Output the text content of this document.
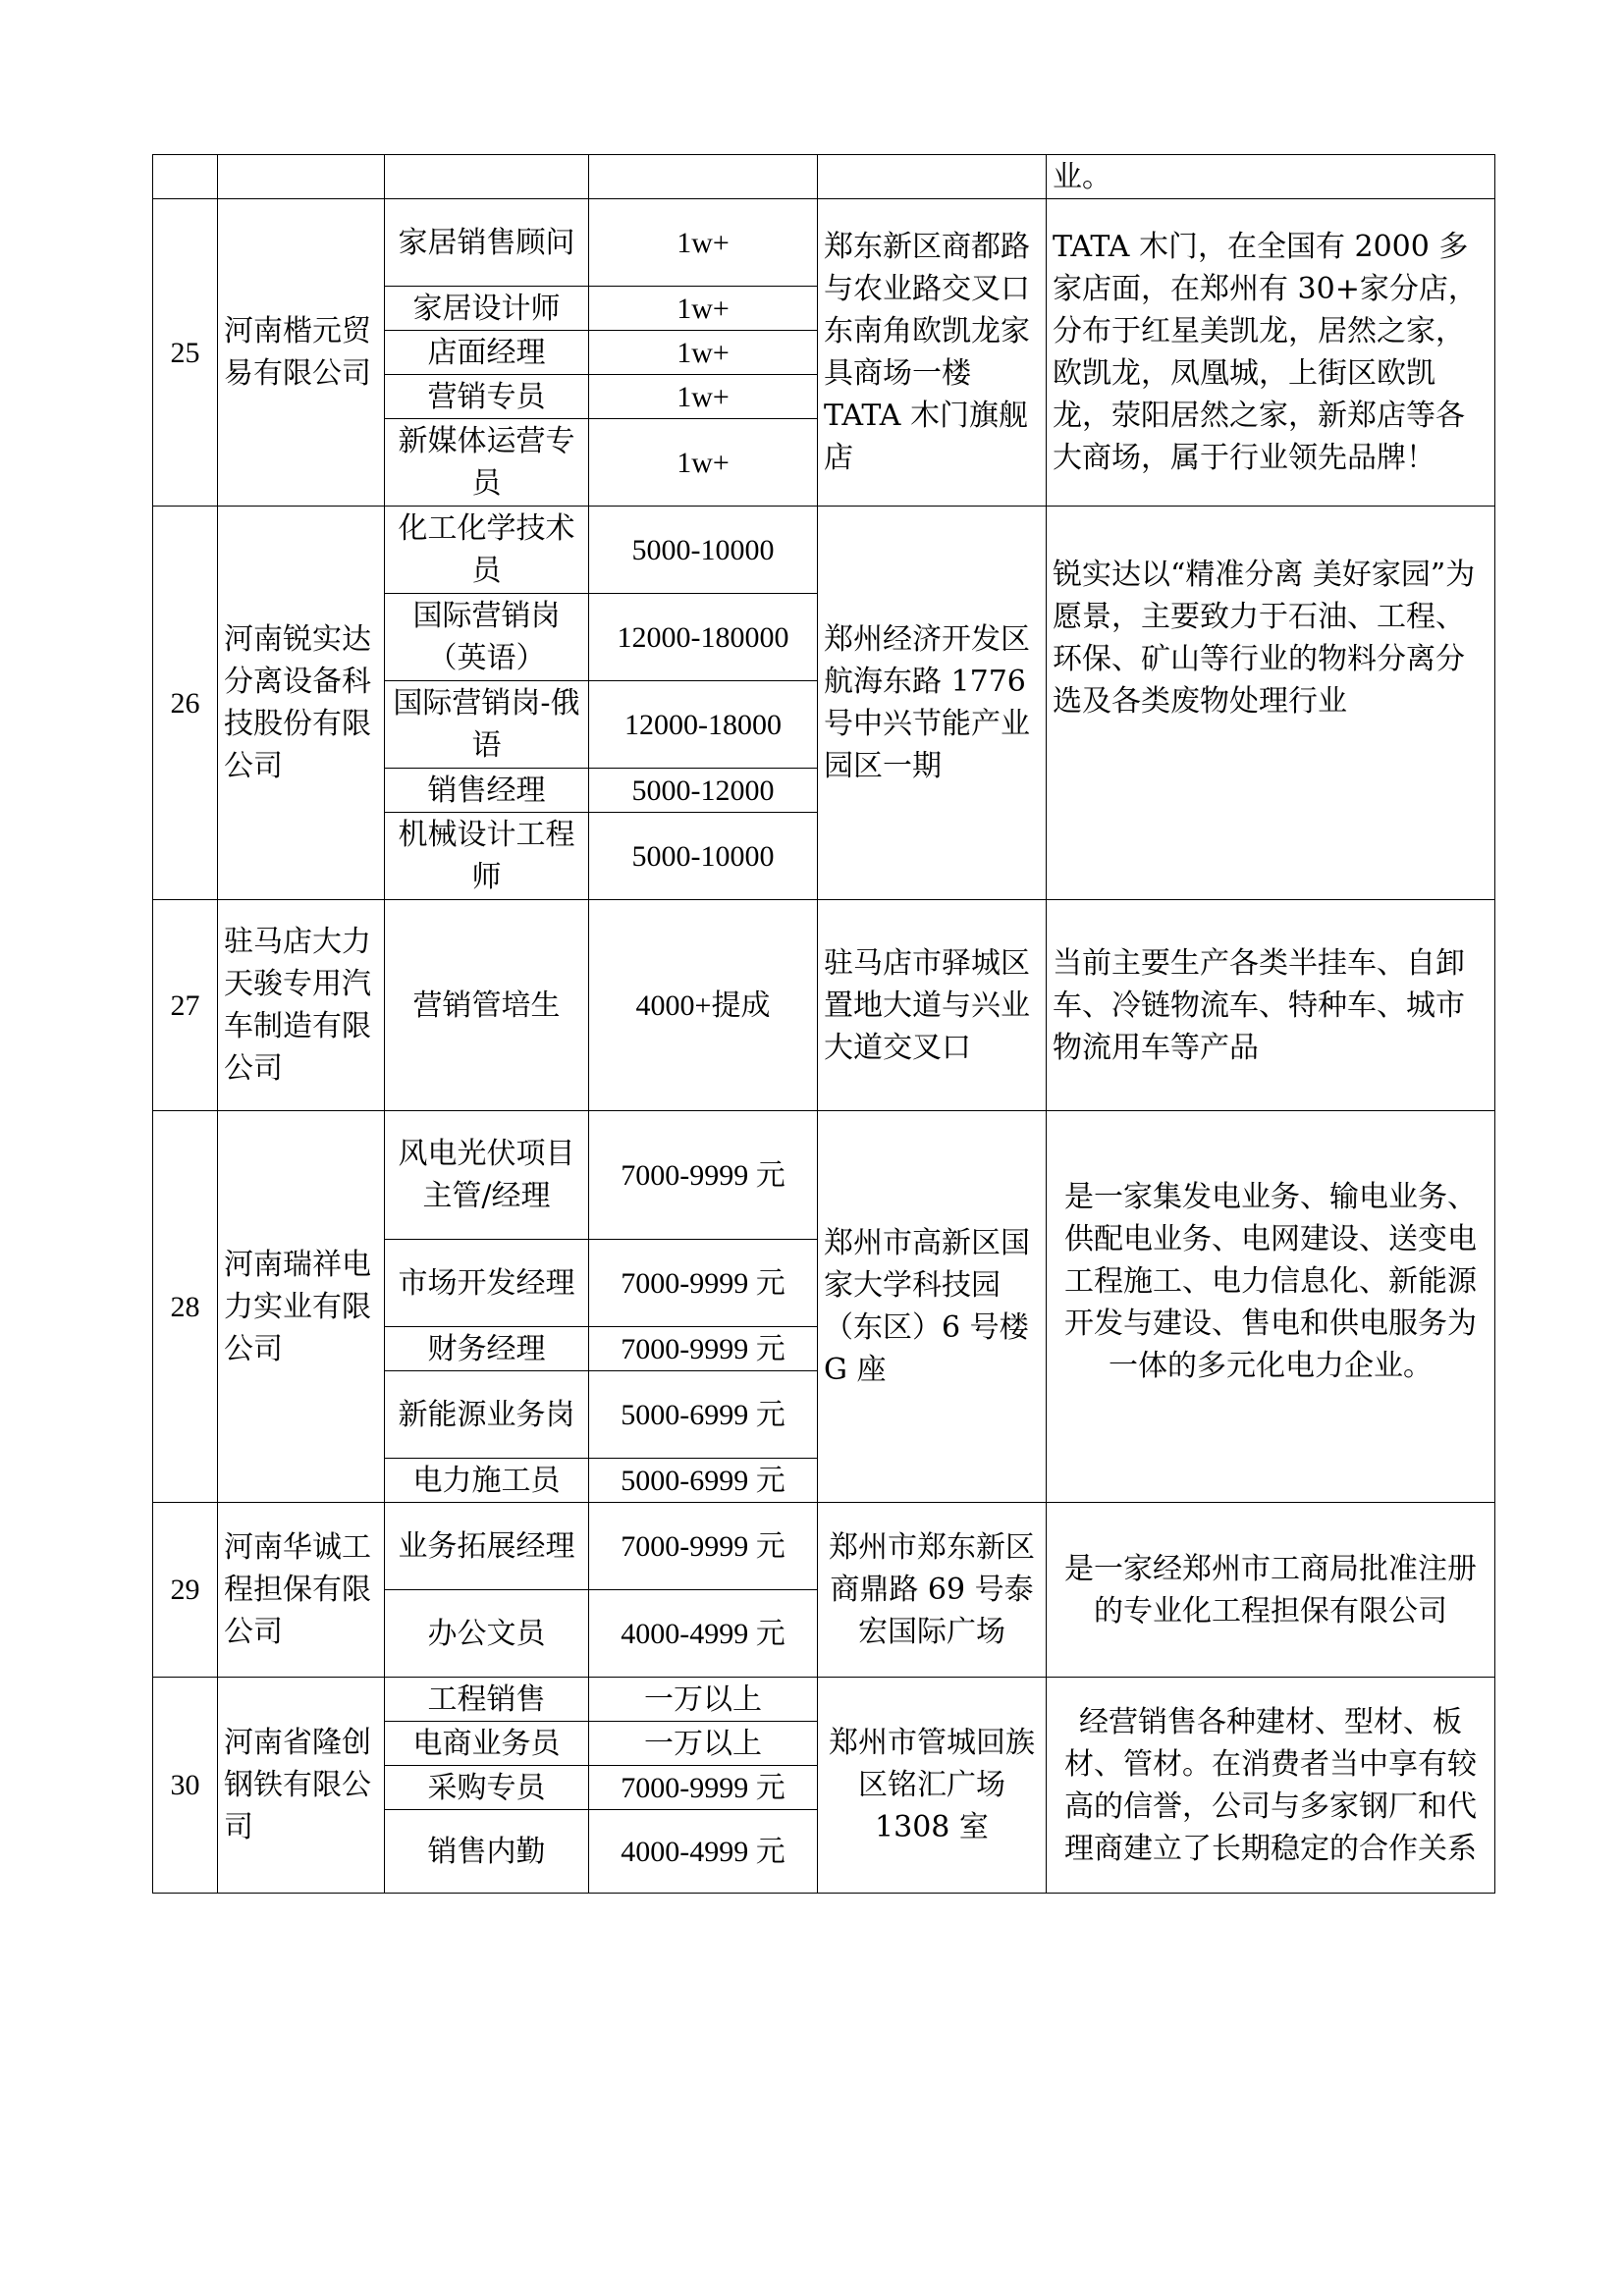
					业。
25	河南楷元贸易有限公司	家居销售顾问	1w+	郑东新区商都路与农业路交叉口东南角欧凯龙家具商场一楼 TATA 木门旗舰店	TATA 木门，在全国有 2000 多家店面，在郑州有 30+家分店，分布于红星美凯龙，居然之家，欧凯龙，凤凰城，上街区欧凯龙，荥阳居然之家，新郑店等各大商场，属于行业领先品牌！
		家居设计师	1w+		
		店面经理	1w+		
		营销专员	1w+		
		新媒体运营专员	1w+		
26	河南锐实达分离设备科技股份有限公司	化工化学技术员	5000-10000	郑州经济开发区航海东路 1776 号中兴节能产业园区一期	锐实达以“精准分离 美好家园”为愿景，主要致力于石油、工程、环保、矿山等行业的物料分离分选及各类废物处理行业
		国际营销岗（英语）	12000-180000		
		国际营销岗-俄语	12000-18000		
		销售经理	5000-12000		
		机械设计工程师	5000-10000		
27	驻马店大力天骏专用汽车制造有限公司	营销管培生	4000+提成	驻马店市驿城区置地大道与兴业大道交叉口	当前主要生产各类半挂车、自卸车、冷链物流车、特种车、城市物流用车等产品
28	河南瑞祥电力实业有限公司	风电光伏项目主管/经理	7000-9999 元	郑州市高新区国家大学科技园（东区）6 号楼 G 座	是一家集发电业务、输电业务、供配电业务、电网建设、送变电工程施工、电力信息化、新能源开发与建设、售电和供电服务为一体的多元化电力企业。
		市场开发经理	7000-9999 元		
		财务经理	7000-9999 元		
		新能源业务岗	5000-6999 元		
		电力施工员	5000-6999 元		
29	河南华诚工程担保有限公司	业务拓展经理	7000-9999 元	郑州市郑东新区商鼎路 69 号泰宏国际广场	是一家经郑州市工商局批准注册的专业化工程担保有限公司
		办公文员	4000-4999 元		
30	河南省隆创钢铁有限公司	工程销售	一万以上	郑州市管城回族区铭汇广场 1308 室	经营销售各种建材、型材、板材、管材。在消费者当中享有较高的信誉，公司与多家钢厂和代理商建立了长期稳定的合作关系
		电商业务员	一万以上		
		采购专员	7000-9999 元		
		销售内勤	4000-4999 元		
